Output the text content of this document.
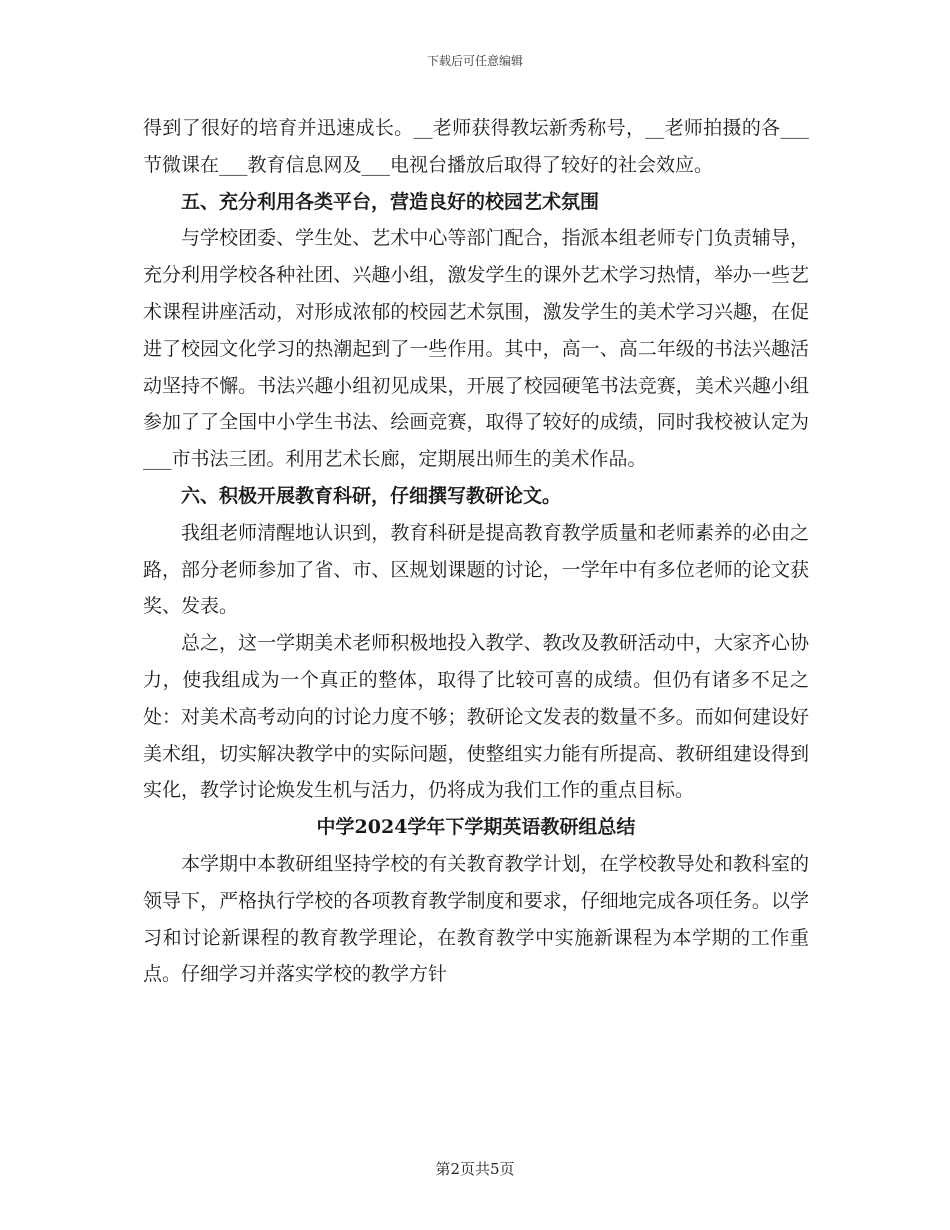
下载后可任意编辑

得到了很好的培育并迅速成长。__老师获得教坛新秀称号，__老师拍摄的各___节微课在___教育信息网及___电视台播放后取得了较好的社会效应。

五、充分利用各类平台，营造良好的校园艺术氛围

与学校团委、学生处、艺术中心等部门配合，指派本组老师专门负责辅导，充分利用学校各种社团、兴趣小组，激发学生的课外艺术学习热情，举办一些艺术课程讲座活动，对形成浓郁的校园艺术氛围，激发学生的美术学习兴趣，在促进了校园文化学习的热潮起到了一些作用。其中，高一、高二年级的书法兴趣活动坚持不懈。书法兴趣小组初见成果，开展了校园硬笔书法竞赛，美术兴趣小组参加了了全国中小学生书法、绘画竞赛，取得了较好的成绩，同时我校被认定为___市书法三团。利用艺术长廊，定期展出师生的美术作品。

六、积极开展教育科研，仔细撰写教研论文。

我组老师清醒地认识到，教育科研是提高教育教学质量和老师素养的必由之路，部分老师参加了省、市、区规划课题的讨论，一学年中有多位老师的论文获奖、发表。

总之，这一学期美术老师积极地投入教学、教改及教研活动中，大家齐心协力，使我组成为一个真正的整体，取得了比较可喜的成绩。但仍有诸多不足之处：对美术高考动向的讨论力度不够；教研论文发表的数量不多。而如何建设好美术组，切实解决教学中的实际问题，使整组实力能有所提高、教研组建设得到实化，教学讨论焕发生机与活力，仍将成为我们工作的重点目标。

中学2024学年下学期英语教研组总结

本学期中本教研组坚持学校的有关教育教学计划，在学校教导处和教科室的领导下，严格执行学校的各项教育教学制度和要求，仔细地完成各项任务。以学习和讨论新课程的教育教学理论，在教育教学中实施新课程为本学期的工作重点。仔细学习并落实学校的教学方针

第2页共5页
